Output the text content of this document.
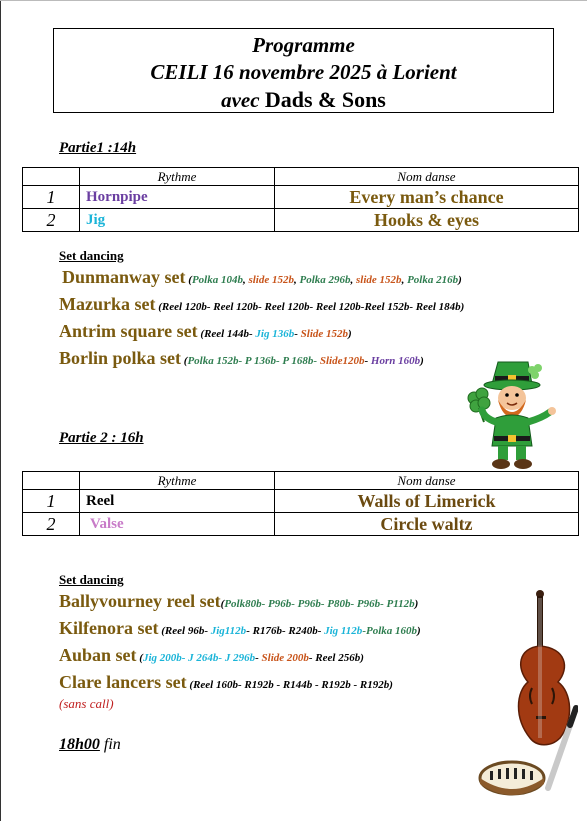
Programme
CEILI 16 novembre 2025 à Lorient
avec Dads & Sons
Partie1 :14h
	Rythme	Nom danse
1	Hornpipe	Every man’s chance
2	Jig	Hooks & eyes
Set dancing
Dunmanway set (Polka 104b, slide 152b, Polka 296b, slide 152b, Polka 216b)
Mazurka set (Reel 120b- Reel 120b- Reel 120b- Reel 120b-Reel 152b- Reel 184b)
Antrim square set (Reel 144b- Jig 136b- Slide 152b)
Borlin polka set (Polka 152b- P 136b- P 168b- Slide120b- Horn 160b)
Partie 2 : 16h
	Rythme	Nom danse
1	Reel	Walls of Limerick
2	Valse	Circle waltz
Set dancing
Ballyvourney reel set(Polk80b- P96b- P96b- P80b- P96b- P112b)
Kilfenora set (Reel 96b- Jig112b- R176b- R240b- Jig 112b-Polka 160b)
Auban set (Jig 200b- J 264b- J 296b- Slide 200b- Reel 256b)
Clare lancers set (Reel 160b- R192b - R144b - R192b - R192b)
(sans call)
18h00 fin
